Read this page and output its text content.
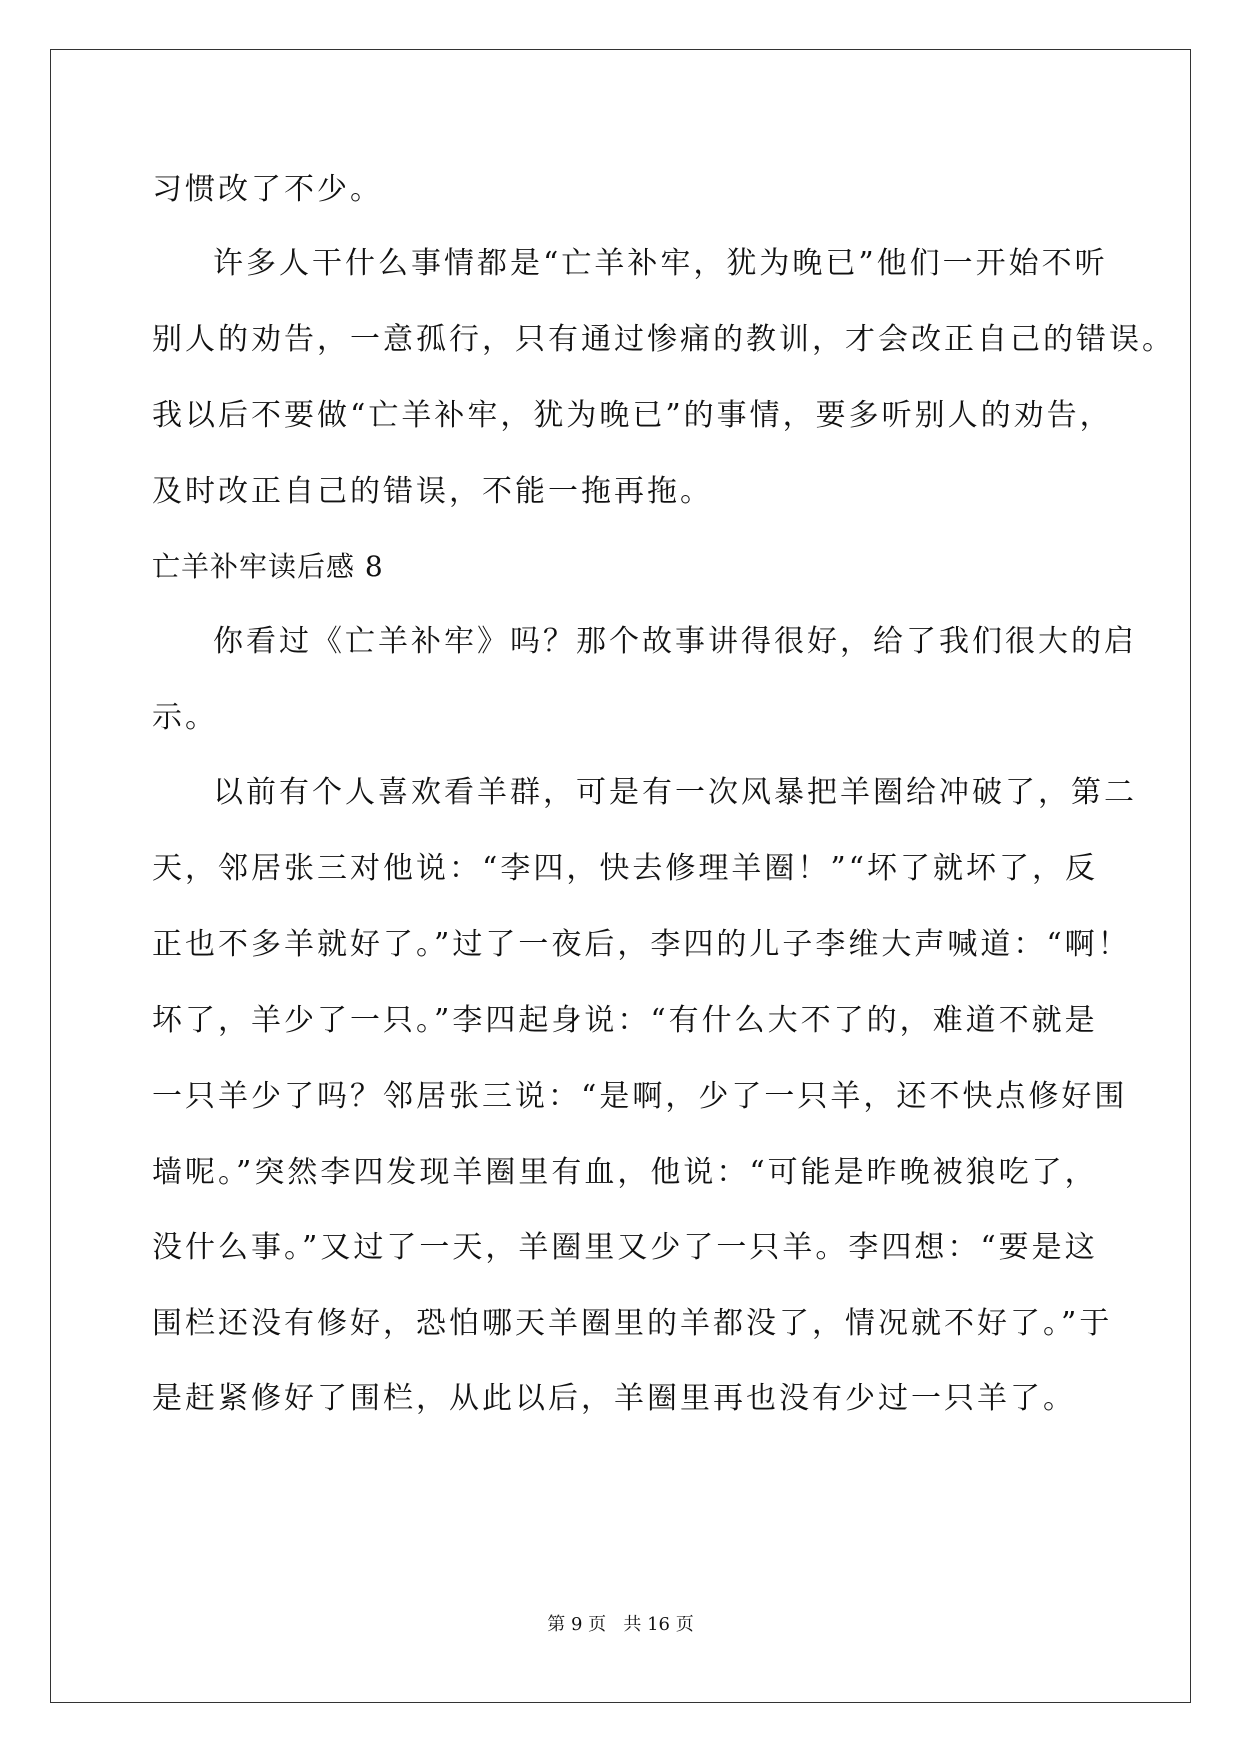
习惯改了不少。
许多人干什么事情都是“亡羊补牢，犹为晚已”他们一开始不听
别人的劝告，一意孤行，只有通过惨痛的教训，才会改正自己的错误。
我以后不要做“亡羊补牢，犹为晚已”的事情，要多听别人的劝告，
及时改正自己的错误，不能一拖再拖。
亡羊补牢读后感 8
你看过《亡羊补牢》吗？那个故事讲得很好，给了我们很大的启
示。
以前有个人喜欢看羊群，可是有一次风暴把羊圈给冲破了，第二
天，邻居张三对他说：“李四，快去修理羊圈！”“坏了就坏了，反
正也不多羊就好了。”过了一夜后，李四的儿子李维大声喊道：“啊！
坏了，羊少了一只。”李四起身说：“有什么大不了的，难道不就是
一只羊少了吗？邻居张三说：“是啊，少了一只羊，还不快点修好围
墙呢。”突然李四发现羊圈里有血，他说：“可能是昨晚被狼吃了，
没什么事。”又过了一天，羊圈里又少了一只羊。李四想：“要是这
围栏还没有修好，恐怕哪天羊圈里的羊都没了，情况就不好了。”于
是赶紧修好了围栏，从此以后，羊圈里再也没有少过一只羊了。
第 9 页   共 16 页
